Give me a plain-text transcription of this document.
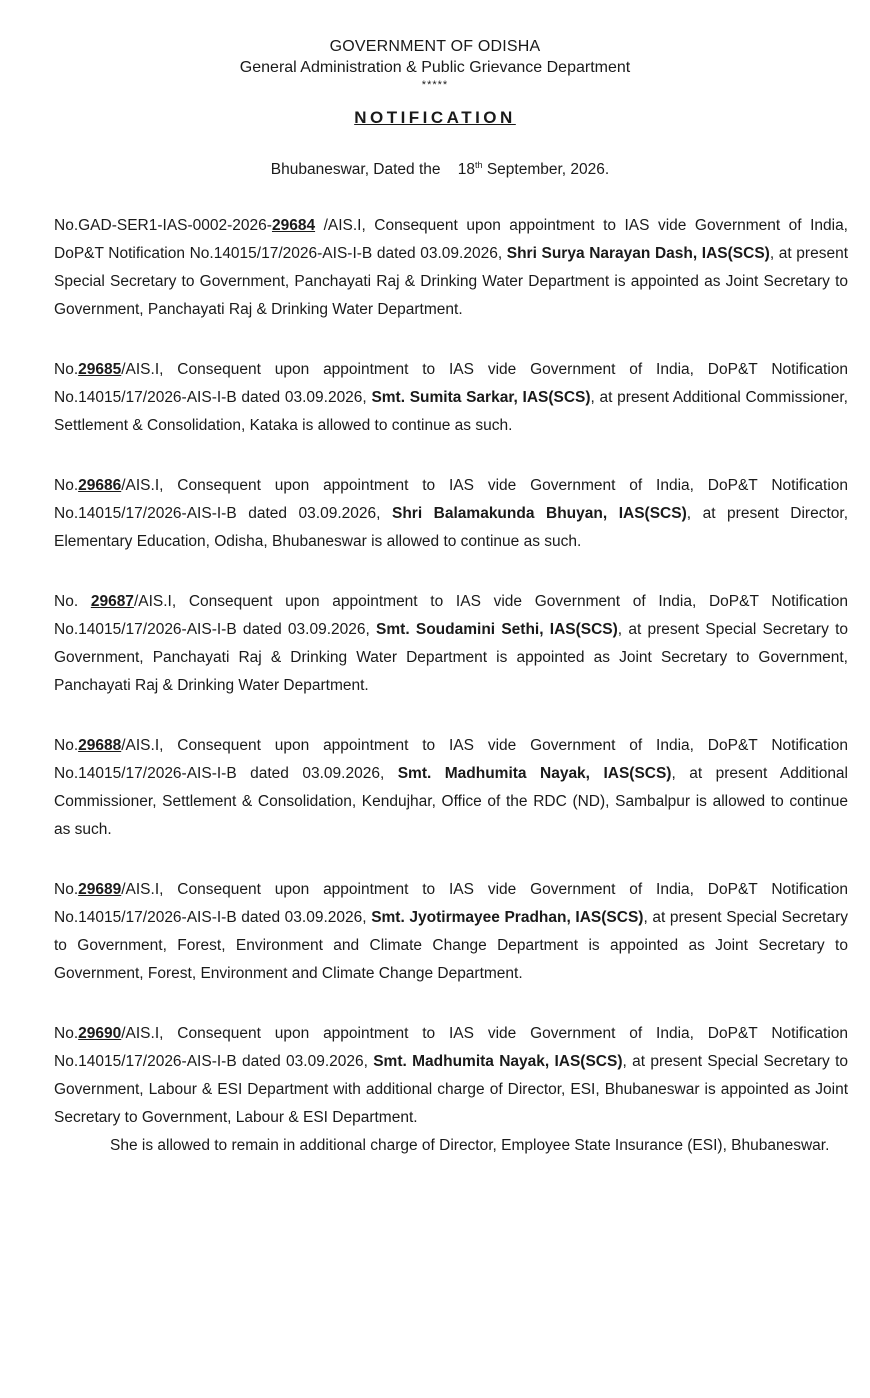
GOVERNMENT OF ODISHA
General Administration & Public Grievance Department
*****
NOTIFICATION
Bhubaneswar, Dated the 18th September, 2026.

No.GAD-SER1-IAS-0002-2026-29684 /AIS.I, Consequent upon appointment to IAS vide Government of India, DoP&T Notification No.14015/17/2026-AIS-I-B dated 03.09.2026, Shri Surya Narayan Dash, IAS(SCS), at present Special Secretary to Government, Panchayati Raj & Drinking Water Department is appointed as Joint Secretary to Government, Panchayati Raj & Drinking Water Department.

No.29685/AIS.I, Consequent upon appointment to IAS vide Government of India, DoP&T Notification No.14015/17/2026-AIS-I-B dated 03.09.2026, Smt. Sumita Sarkar, IAS(SCS), at present Additional Commissioner, Settlement & Consolidation, Kataka is allowed to continue as such.

No.29686/AIS.I, Consequent upon appointment to IAS vide Government of India, DoP&T Notification No.14015/17/2026-AIS-I-B dated 03.09.2026, Shri Balamakunda Bhuyan, IAS(SCS), at present Director, Elementary Education, Odisha, Bhubaneswar is allowed to continue as such.

No. 29687/AIS.I, Consequent upon appointment to IAS vide Government of India, DoP&T Notification No.14015/17/2026-AIS-I-B dated 03.09.2026, Smt. Soudamini Sethi, IAS(SCS), at present Special Secretary to Government, Panchayati Raj & Drinking Water Department is appointed as Joint Secretary to Government, Panchayati Raj & Drinking Water Department.

No.29688/AIS.I, Consequent upon appointment to IAS vide Government of India, DoP&T Notification No.14015/17/2026-AIS-I-B dated 03.09.2026, Smt. Madhumita Nayak, IAS(SCS), at present Additional Commissioner, Settlement & Consolidation, Kendujhar, Office of the RDC (ND), Sambalpur is allowed to continue as such.

No.29689/AIS.I, Consequent upon appointment to IAS vide Government of India, DoP&T Notification No.14015/17/2026-AIS-I-B dated 03.09.2026, Smt. Jyotirmayee Pradhan, IAS(SCS), at present Special Secretary to Government, Forest, Environment and Climate Change Department is appointed as Joint Secretary to Government, Forest, Environment and Climate Change Department.

No.29690/AIS.I, Consequent upon appointment to IAS vide Government of India, DoP&T Notification No.14015/17/2026-AIS-I-B dated 03.09.2026, Smt. Madhumita Nayak, IAS(SCS), at present Special Secretary to Government, Labour & ESI Department with additional charge of Director, ESI, Bhubaneswar is appointed as Joint Secretary to Government, Labour & ESI Department.

She is allowed to remain in additional charge of Director, Employee State Insurance (ESI), Bhubaneswar.
